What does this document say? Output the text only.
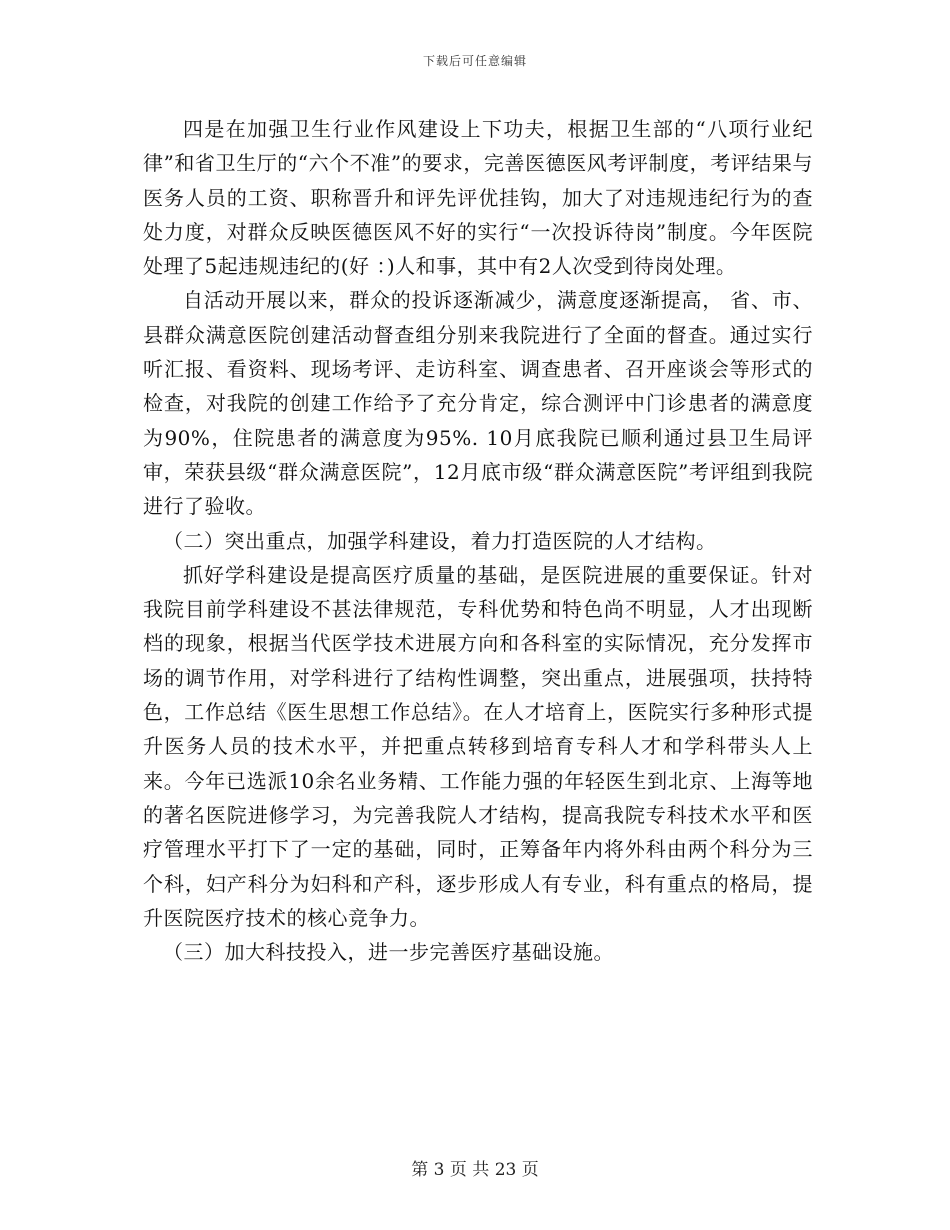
下载后可任意编辑

四是在加强卫生行业作风建设上下功夫，根据卫生部的“八项行业纪律”和省卫生厅的“六个不准”的要求，完善医德医风考评制度，考评结果与医务人员的工资、职称晋升和评先评优挂钩，加大了对违规违纪行为的查处力度，对群众反映医德医风不好的实行“一次投诉待岗”制度。今年医院处理了5起违规违纪的(好 ：)人和事，其中有2人次受到待岗处理。

自活动开展以来，群众的投诉逐渐减少，满意度逐渐提高， 省、市、县群众满意医院创建活动督查组分别来我院进行了全面的督查。通过实行听汇报、看资料、现场考评、走访科室、调查患者、召开座谈会等形式的检查，对我院的创建工作给予了充分肯定，综合测评中门诊患者的满意度为90%，住院患者的满意度为95%. 10月底我院已顺利通过县卫生局评审，荣获县级“群众满意医院”，12月底市级“群众满意医院”考评组到我院进行了验收。

（二）突出重点，加强学科建设，着力打造医院的人才结构。

抓好学科建设是提高医疗质量的基础，是医院进展的重要保证。针对我院目前学科建设不甚法律规范，专科优势和特色尚不明显，人才出现断档的现象，根据当代医学技术进展方向和各科室的实际情况，充分发挥市场的调节作用，对学科进行了结构性调整，突出重点，进展强项，扶持特色，工作总结《医生思想工作总结》。在人才培育上，医院实行多种形式提升医务人员的技术水平，并把重点转移到培育专科人才和学科带头人上来。今年已选派10余名业务精、工作能力强的年轻医生到北京、上海等地的著名医院进修学习，为完善我院人才结构，提高我院专科技术水平和医疗管理水平打下了一定的基础，同时，正筹备年内将外科由两个科分为三个科，妇产科分为妇科和产科，逐步形成人有专业，科有重点的格局，提升医院医疗技术的核心竞争力。

（三）加大科技投入，进一步完善医疗基础设施。

第 3 页 共 23 页
